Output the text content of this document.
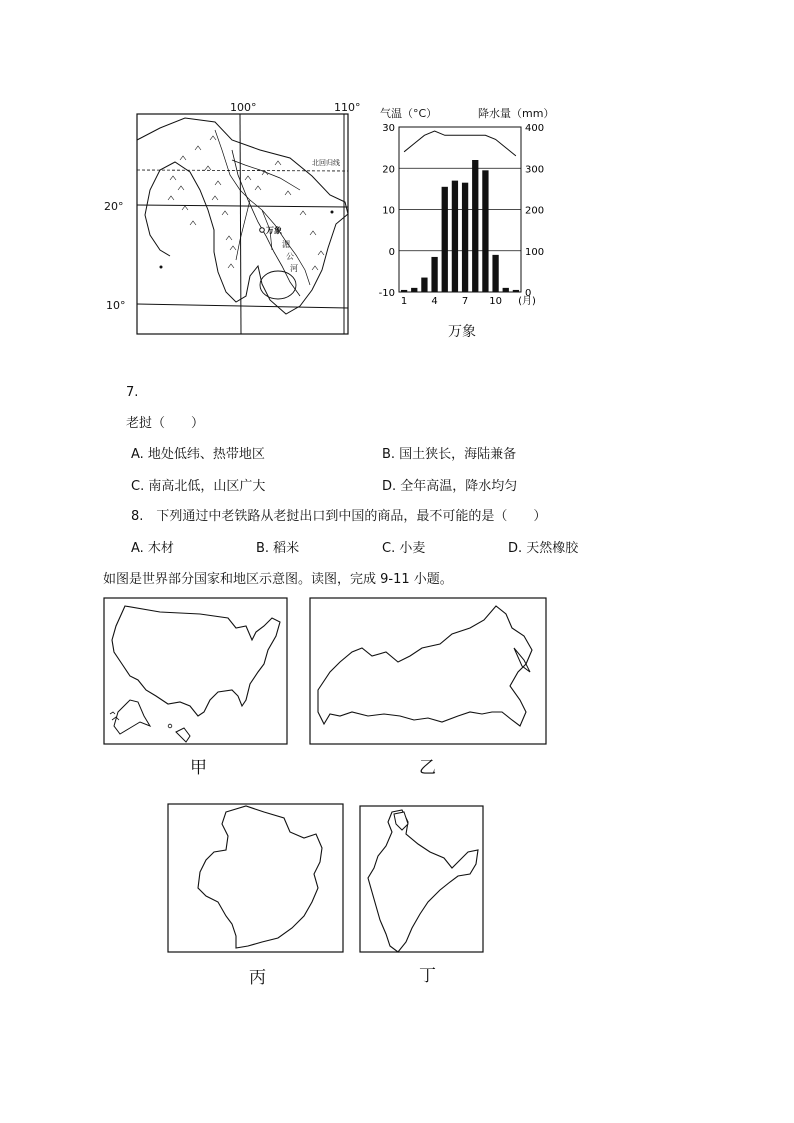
100°	110°
20°
10°
北回归线
万象
湄
公
河
30	400
20	300
10	200
0	100
-10	0
1 4 7 10 (月)
气温（°C）	降水量（mm）
万象
7.
老挝（　　）
A. 地处低纬、热带地区	B. 国土狭长，海陆兼备
C. 南高北低，山区广大	D. 全年高温，降水均匀
8.　下列通过中老铁路从老挝出口到中国的商品，最不可能的是（　　）
A. 木材	B. 稻米	C. 小麦	D. 天然橡胶
如图是世界部分国家和地区示意图。读图，完成 9-11 小题。
甲	乙
丙	丁
